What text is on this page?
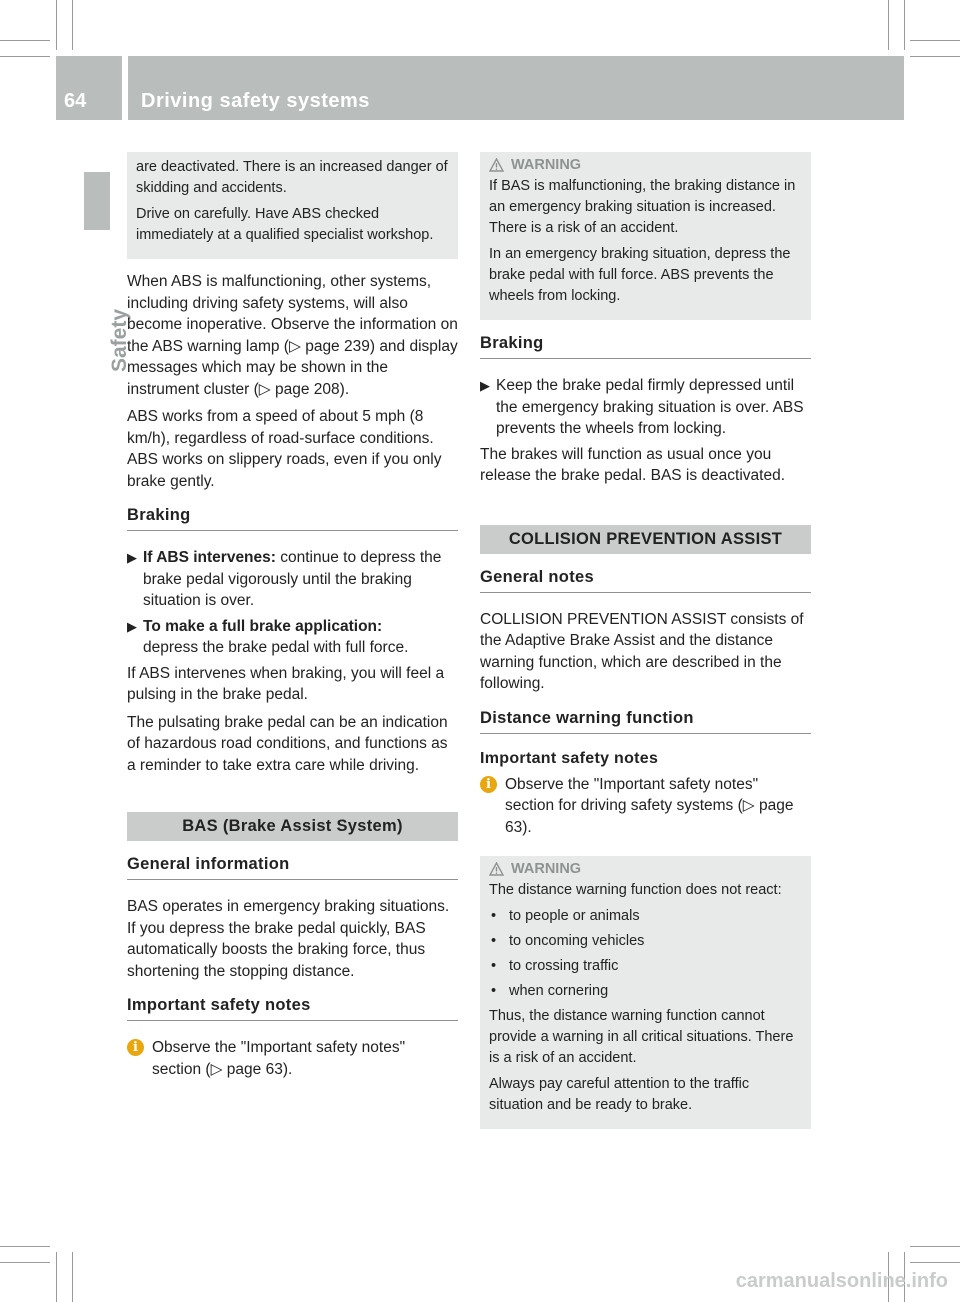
64	Driving safety systems
Safety

are deactivated. There is an increased danger of skidding and accidents.

Drive on carefully. Have ABS checked immediately at a qualified specialist workshop.

When ABS is malfunctioning, other systems, including driving safety systems, will also become inoperative. Observe the information on the ABS warning lamp (▷ page 239) and display messages which may be shown in the instrument cluster (▷ page 208).

ABS works from a speed of about 5 mph (8 km/h), regardless of road-surface conditions. ABS works on slippery roads, even if you only brake gently.

Braking
▶ If ABS intervenes: continue to depress the brake pedal vigorously until the braking situation is over.
▶ To make a full brake application:
depress the brake pedal with full force.

If ABS intervenes when braking, you will feel a pulsing in the brake pedal.

The pulsating brake pedal can be an indication of hazardous road conditions, and functions as a reminder to take extra care while driving.

BAS (Brake Assist System)
General information

BAS operates in emergency braking situations. If you depress the brake pedal quickly, BAS automatically boosts the braking force, thus shortening the stopping distance.

Important safety notes
i Observe the "Important safety notes" section (▷ page 63).
WARNING

If BAS is malfunctioning, the braking distance in an emergency braking situation is increased. There is a risk of an accident.

In an emergency braking situation, depress the brake pedal with full force. ABS prevents the wheels from locking.

Braking
▶ Keep the brake pedal firmly depressed until the emergency braking situation is over. ABS prevents the wheels from locking.

The brakes will function as usual once you release the brake pedal. BAS is deactivated.

COLLISION PREVENTION ASSIST
General notes

COLLISION PREVENTION ASSIST consists of the Adaptive Brake Assist and the distance warning function, which are described in the following.

Distance warning function
Important safety notes
i Observe the "Important safety notes" section for driving safety systems (▷ page 63).
WARNING

The distance warning function does not react:

• to people or animals
• to oncoming vehicles
• to crossing traffic
• when cornering

Thus, the distance warning function cannot provide a warning in all critical situations. There is a risk of an accident.

Always pay careful attention to the traffic situation and be ready to brake.

carmanualsonline.info
